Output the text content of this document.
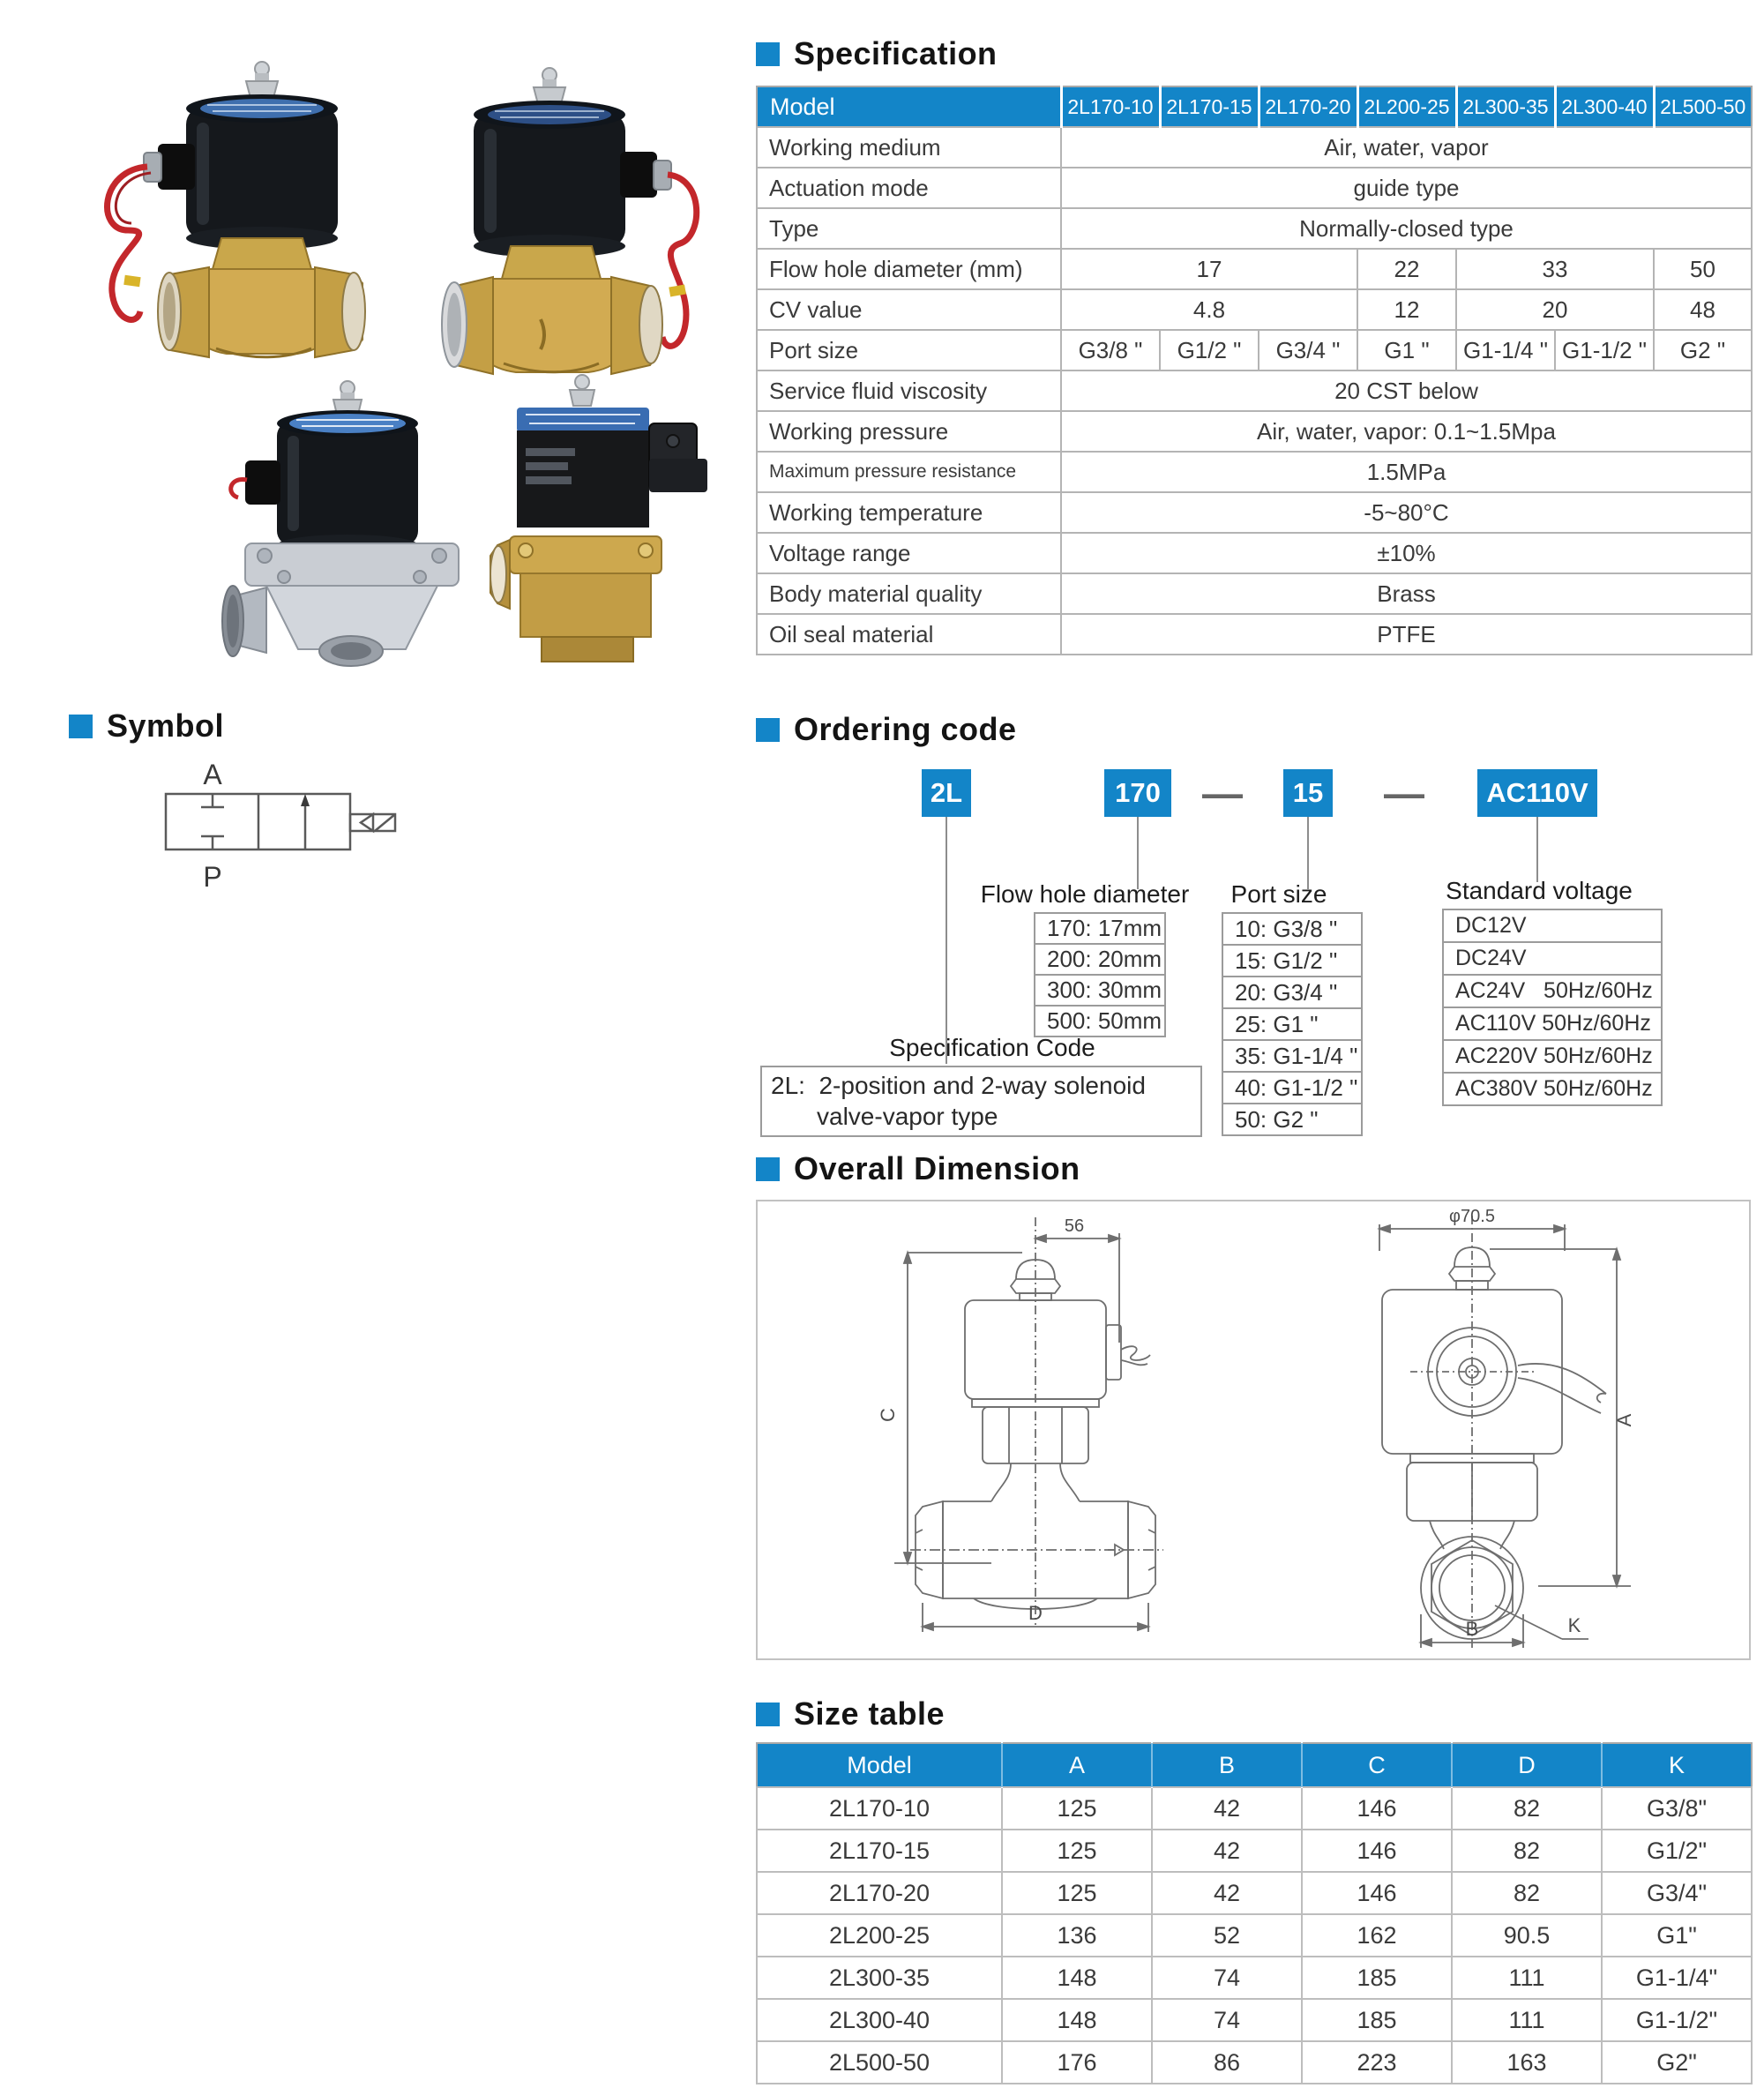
Symbol
A
P
Specification
Model	2L170-10	2L170-15	2L170-20	2L200-25	2L300-35	2L300-40	2L500-50
Working medium	Air, water, vapor						
Actuation mode	guide type						
Type	Normally-closed type						
Flow hole diameter (mm)	17			22	33		50
CV value	4.8			12	20		48
Port size	G3/8 "	G1/2 "	G3/4 "	G1 "	G1-1/4 "	G1-1/2 "	G2 "
Service fluid viscosity	20 CST below						
Working pressure	Air, water, vapor: 0.1~1.5Mpa						
Maximum pressure resistance	1.5MPa						
Working temperature	-5~80°C						
Voltage range	±10%						
Body material quality	Brass						
Oil seal material	PTFE						
Ordering code
2L	170 —	15 —	AC110V
Flow hole diameter
170: 17mm
200: 20mm
300: 30mm
500: 50mm
Port size
10: G3/8 "
15: G1/2 "
20: G3/4 "
25: G1 "
35: G1-1/4 "
40: G1-1/2 "
50: G2 "
Standard voltage
DC12V
DC24V
AC24V   50Hz/60Hz
AC110V 50Hz/60Hz
AC220V 50Hz/60Hz
AC380V 50Hz/60Hz
Specification Code
2L:  2-position and 2-way solenoid
valve-vapor type
Overall Dimension
56
C
D
φ70.5
A
B	K
Size table
Model	A	B	C	D	K
2L170-10	125	42	146	82	G3/8"
2L170-15	125	42	146	82	G1/2"
2L170-20	125	42	146	82	G3/4"
2L200-25	136	52	162	90.5	G1"
2L300-35	148	74	185	111	G1-1/4"
2L300-40	148	74	185	111	G1-1/2"
2L500-50	176	86	223	163	G2"
